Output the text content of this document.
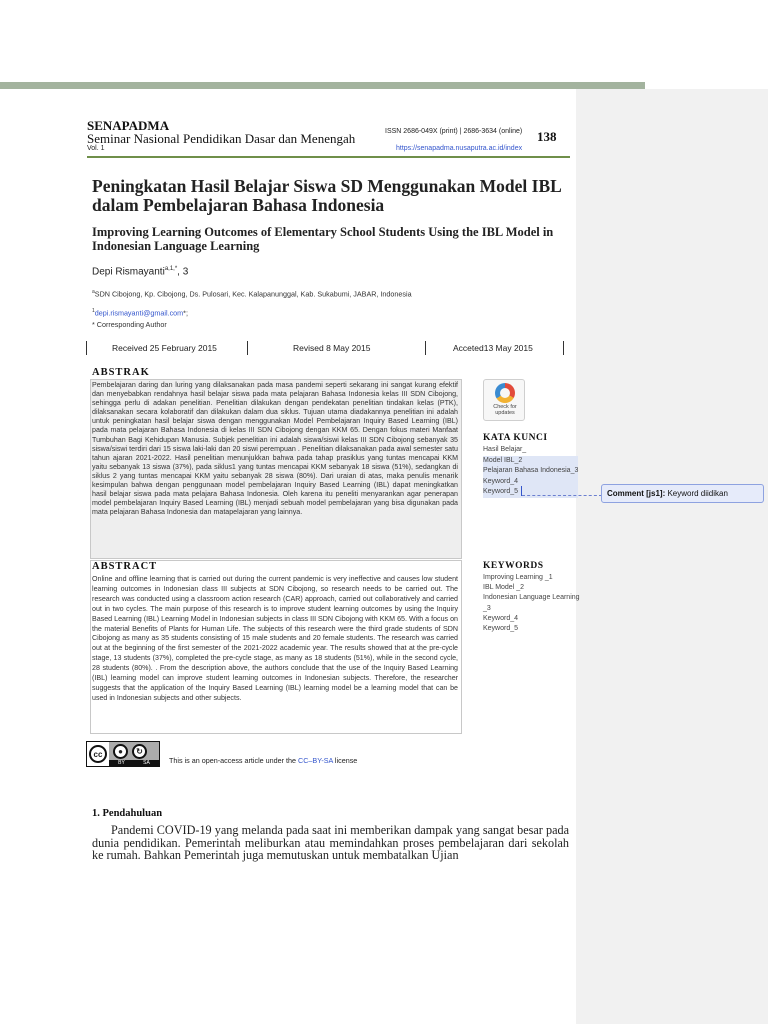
SENAPADMA
Seminar Nasional Pendidikan Dasar dan Menengah
Vol. 1
ISSN 2686-049X (print) | 2686-3634 (online)
https://senapadma.nusaputra.ac.id/index
138
Peningkatan Hasil Belajar Siswa SD Menggunakan Model IBL dalam Pembelajaran Bahasa Indonesia
Improving Learning Outcomes of Elementary School Students Using the IBL Model in Indonesian Language Learning
Depi Rismayanti$^{a,1,*}$, 3
$^a$SDN Cibojong, Kp. Cibojong, Ds. Pulosari, Kec. Kalapanunggal, Kab. Sukabumi, JABAR, Indonesia
$^1$depi.rismayanti@gmail.com*;
* Corresponding Author
Received 25 February 2015	Revised 8 May 2015	Acceted13 May 2015
ABSTRAK
Pembelajaran daring dan luring yang dilaksanakan pada masa pandemi seperti sekarang ini sangat kurang efektif dan menyebabkan rendahnya hasil belajar siswa pada mata pelajaran Bahasa Indonesia kelas III SDN Cibojong, sehingga perlu di adakan penelitian. Penelitian dilakukan dengan pendekatan penelitian tindakan kelas (PTK), dilaksanakan secara kolaboratif dan dilakukan dalam dua siklus. Tujuan utama diadakannya penelitian ini adalah untuk peningkatan hasil belajar siswa dengan menggunakan Model Pembelajaran Inquiry Based Learning (IBL) pada mata pelajaran Bahasa Indonesia di kelas III SDN Cibojong dengan KKM 65. Dengan fokus materi Manfaat Tumbuhan Bagi Kehidupan Manusia. Subjek penelitian ini adalah siswa/siswi kelas III SDN Cibojong sebanyak 35 siswa/siswi terdiri dari 15 siswa laki-laki dan 20 siswi perempuan . Penelitian dilaksanakan pada awal semester satu tahun ajaran 2021-2022. Hasil penelitian menunjukkan bahwa pada tahap prasiklus yang tuntas mencapai KKM yaitu sebanyak 13 siswa (37%), pada siklus1 yang tuntas mencapai KKM sebanyak 18 siswa (51%), sedangkan di siklus 2 yang tuntas mencapai KKM yaitu sebanyak 28 siswa (80%). Dari uraian di atas, maka penulis menarik kesimpulan bahwa dengan penggunaan model pembelajaran Inquiry Based Learning (IBL) dapat meningkatkan hasil belajar siswa pada mata pelajara Bahasa Indonesia. Oleh karena itu peneliti menyarankan agar penerapan model pembelajaran Inquiry Based Learning (IBL) menjadi sebuah model pembelajaran yang bisa digunakan pada mata pelajaran Bahasa Indonesia dan matapelajaran yang lainnya.
ABSTRACT
Online and offline learning that is carried out during the current pandemic is very ineffective and causes low student learning outcomes in Indonesian class III subjects at SDN Cibojong, so research needs to be carried out. The research was conducted using a classroom action research (CAR) approach, carried out collaboratively and carried out in two cycles. The main purpose of this research is to improve student learning outcomes by using the Inquiry Based Learning (IBL) Learning Model in Indonesian subjects in class III SDN Cibojong with KKM 65. With a focus on the material Benefits of Plants for Human Life. The subjects of this research were the third grade students of SDN Cibojong as many as 35 students consisting of 15 male students and 20 female students. The research was carried out at the beginning of the first semester of the 2021-2022 academic year. The results showed that at the pre-cycle stage, 13 students (37%), completed the pre-cycle stage, as many as 18 students (51%), while in the second cycle, 28 students (80%). . From the description above, the authors conclude that the use of the Inquiry Based Learning (IBL) learning model can improve student learning outcomes in Indonesian subjects. Therefore, the researcher suggests that the application of the Inquiry Based Learning (IBL) learning model be a learning model that can be used in Indonesian subjects and other subjects.
Check for
updates
KATA KUNCI
Hasil Belajar_
Model IBL_2
Pelajaran Bahasa Indonesia_3
Keyword_4
Keyword_5	Comment [js1]: Keyword diidikan
KEYWORDS
Improving Learning _1
IBL Model _2
Indonesian Language Learning
_3
Keyword_4
Keyword_5
cc	●	↻
BY	SA	This is an open-access article under the CC–BY-SA license
1. Pendahuluan
Pandemi COVID-19 yang melanda pada saat ini memberikan dampak yang sangat besar pada dunia pendidikan. Pemerintah meliburkan atau memindahkan proses pembelajaran dari sekolah ke rumah. Bahkan Pemerintah juga memutuskan untuk membatalkan Ujian
